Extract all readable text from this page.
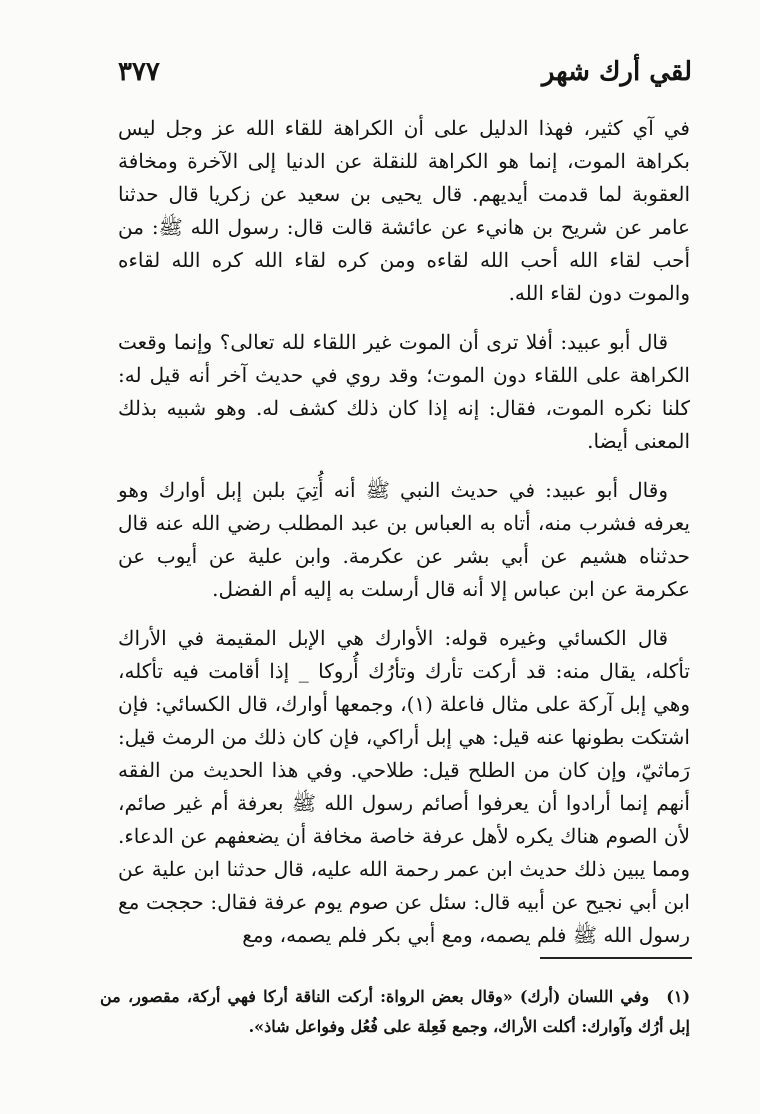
لقي أرك شهر
٣٧٧

في آي كثير، فهذا الدليل على أن الكراهة للقاء الله عز وجل ليس بكراهة الموت، إنما هو الكراهة للنقلة عن الدنيا إلى الآخرة ومخافة العقوبة لما قدمت أيديهم. قال يحيى بن سعيد عن زكريا قال حدثنا عامر عن شريح بن هانيء عن عائشة قالت قال: رسول الله ﷺ: من أحب لقاء الله أحب الله لقاءه ومن كره لقاء الله كره الله لقاءه والموت دون لقاء الله.

قال أبو عبيد: أفلا ترى أن الموت غير اللقاء لله تعالى؟ وإنما وقعت الكراهة على اللقاء دون الموت؛ وقد روي في حديث آخر أنه قيل له: كلنا نكره الموت، فقال: إنه إذا كان ذلك كشف له. وهو شبيه بذلك المعنى أيضا.

وقال أبو عبيد: في حديث النبي ﷺ أنه أُتِيَ بلبن إبل أوارك وهو يعرفه فشرب منه، أتاه به العباس بن عبد المطلب رضي الله عنه قال حدثناه هشيم عن أبي بشر عن عكرمة. وابن علية عن أيوب عن عكرمة عن ابن عباس إلا أنه قال أرسلت به إليه أم الفضل.

قال الكسائي وغيره قوله: الأوارك هي الإبل المقيمة في الأراك تأكله، يقال منه: قد أركت تأرك وتأرُك أُروكا _ إذا أقامت فيه تأكله، وهي إبل آركة على مثال فاعلة (١)، وجمعها أوارك، قال الكسائي: فإن اشتكت بطونها عنه قيل: هي إبل أراكي، فإن كان ذلك من الرمث قيل: رَماثيّ، وإن كان من الطلح قيل: طلاحي. وفي هذا الحديث من الفقه أنهم إنما أرادوا أن يعرفوا أصائم رسول الله ﷺ بعرفة أم غير صائم، لأن الصوم هناك يكره لأهل عرفة خاصة مخافة أن يضعفهم عن الدعاء. ومما يبين ذلك حديث ابن عمر رحمة الله عليه، قال حدثنا ابن علية عن ابن أبي نجيح عن أبيه قال: سئل عن صوم يوم عرفة فقال: حججت مع رسول الله ﷺ فلم يصمه، ومع أبي بكر فلم يصمه، ومع

(١) وفي اللسان (أرك) «وقال بعض الرواة: أركت الناقة أركا فهي أركة، مقصور، من إبل أرُك وآوارك: أكلت الأراك، وجمع فَعِلة على فُعُل وفواعل شاذ».
